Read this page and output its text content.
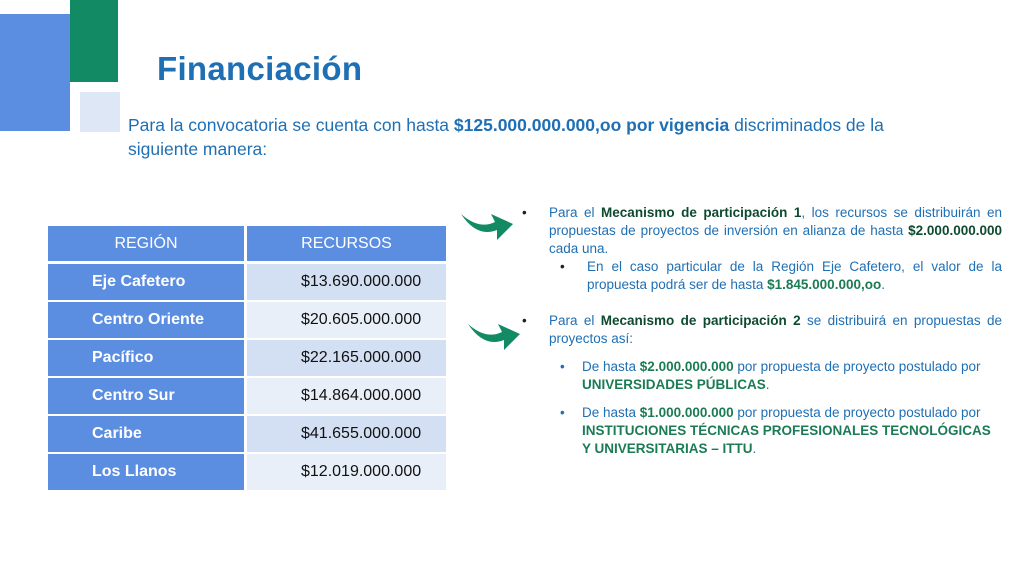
Financiación
Para la convocatoria se cuenta con hasta $125.000.000.000,oo por vigencia discriminados de la siguiente manera:
REGIÓN	RECURSOS
Eje Cafetero	$13.690.000.000
Centro Oriente	$20.605.000.000
Pacífico	$22.165.000.000
Centro Sur	$14.864.000.000
Caribe	$41.655.000.000
Los Llanos	$12.019.000.000
• Para el Mecanismo de participación 1, los recursos se distribuirán en propuestas de proyectos de inversión en alianza de hasta $2.000.000.000 cada una.
• En el caso particular de la Región Eje Cafetero, el valor de la propuesta podrá ser de hasta $1.845.000.000,oo.
• Para el Mecanismo de participación 2 se distribuirá en propuestas de proyectos así:
• De hasta $2.000.000.000 por propuesta de proyecto postulado por UNIVERSIDADES PÚBLICAS.
• De hasta $1.000.000.000 por propuesta de proyecto postulado por INSTITUCIONES TÉCNICAS PROFESIONALES TECNOLÓGICAS Y UNIVERSITARIAS – ITTU.
